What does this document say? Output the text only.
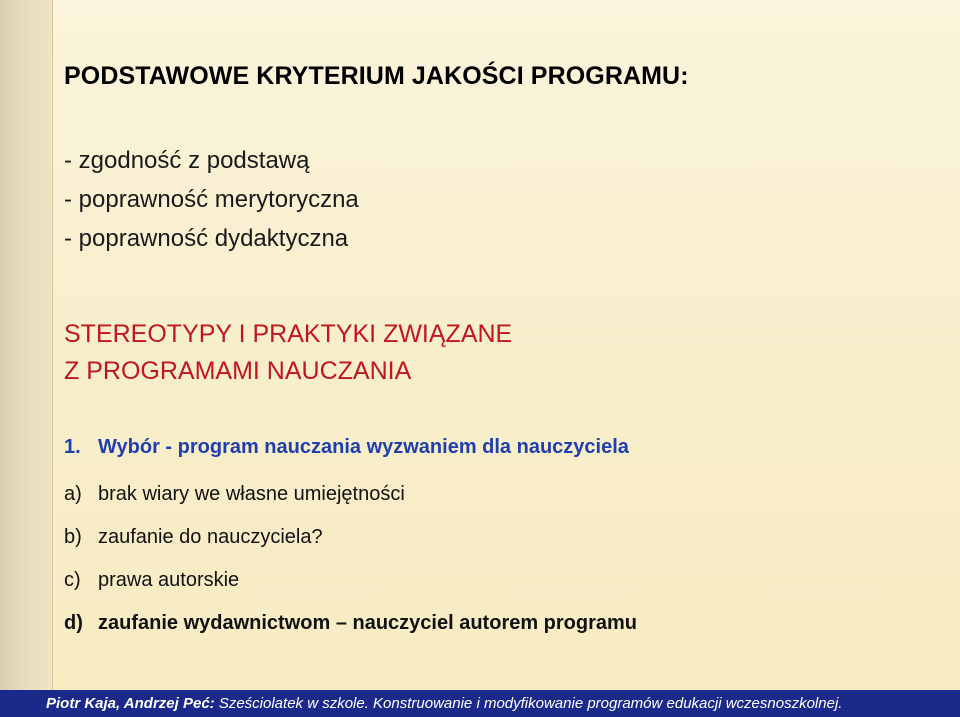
PODSTAWOWE KRYTERIUM JAKOŚCI PROGRAMU:
- zgodność z podstawą
- poprawność merytoryczna
- poprawność dydaktyczna
STEREOTYPY I PRAKTYKI ZWIĄZANE
Z PROGRAMAMI NAUCZANIA
1. Wybór - program nauczania wyzwaniem dla nauczyciela
a) brak wiary we własne umiejętności
b) zaufanie do nauczyciela?
c) prawa autorskie
d) zaufanie wydawnictwom – nauczyciel autorem programu
Piotr Kaja, Andrzej Peć: Sześciolatek w szkole. Konstruowanie i modyfikowanie programów edukacji wczesnoszkolnej.
